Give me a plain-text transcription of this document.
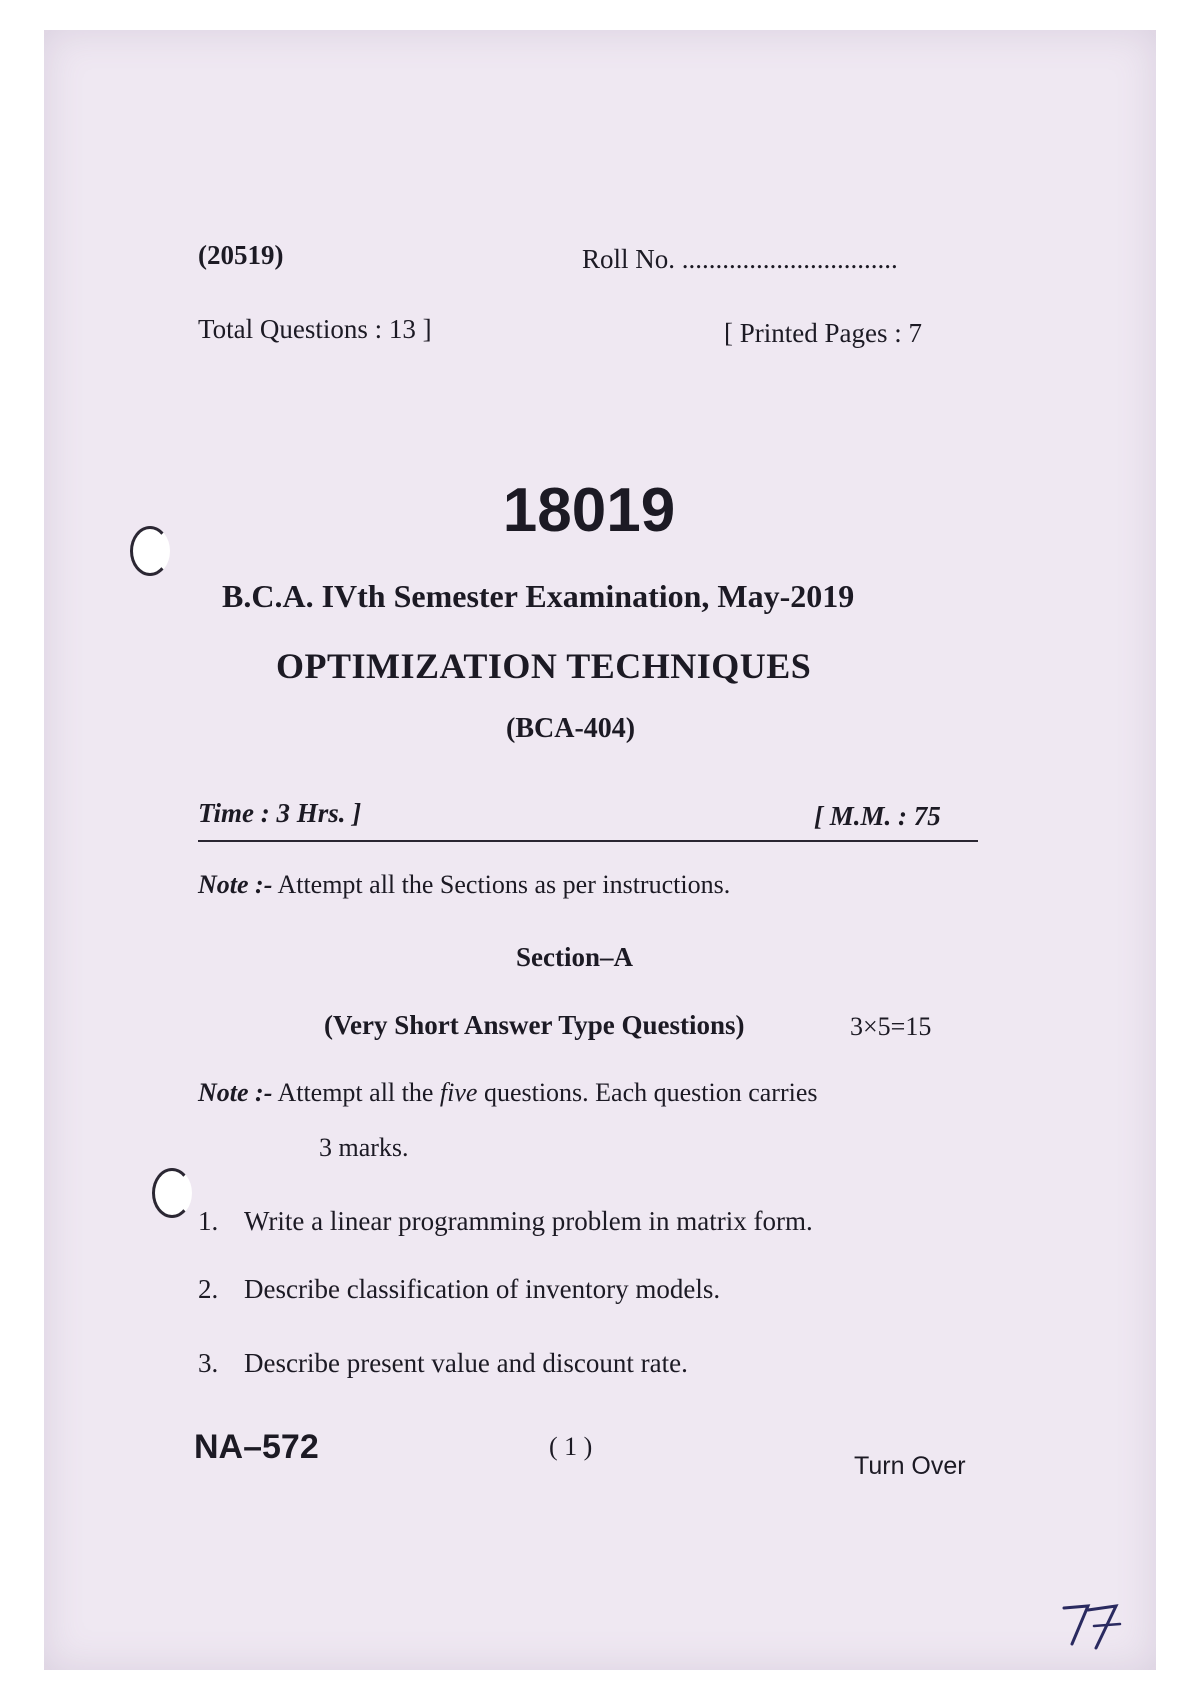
(20519)	Roll No. ................................
Total Questions : 13 ]	[ Printed Pages : 7
18019
B.C.A. IVth Semester Examination, May-2019
OPTIMIZATION TECHNIQUES
(BCA-404)
Time : 3 Hrs. ]	[ M.M. : 75
Note :- Attempt all the Sections as per instructions.
Section–A
(Very Short Answer Type Questions)	3×5=15
Note :- Attempt all the five questions. Each question carries
3 marks.
1. Write a linear programming problem in matrix form.
2. Describe classification of inventory models.
3. Describe present value and discount rate.
NA–572	( 1 )
Turn Over
